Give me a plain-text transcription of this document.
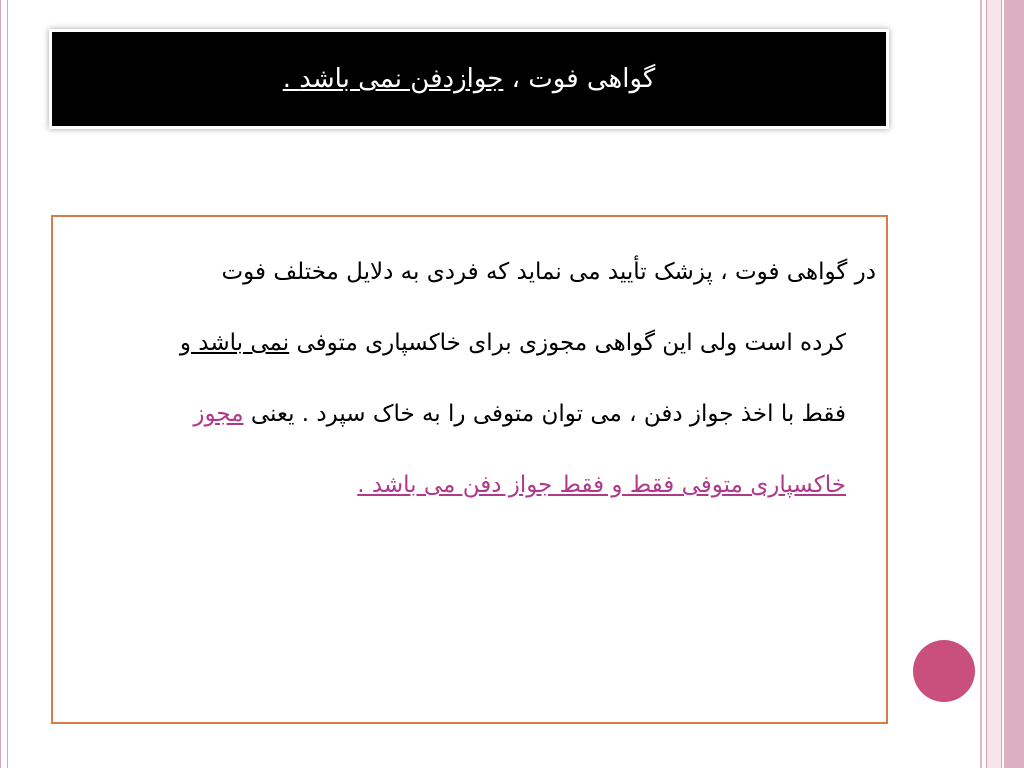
گواهی فوت ، جوازدفن نمی باشد .
در گواهی فوت ، پزشک تأیید می نماید که فردی به دلایل مختلف فوت
کرده است ولی این گواهی مجوزی برای خاکسپاری متوفی نمی باشد و
فقط با اخذ جواز دفن ، می توان متوفی را به خاک سپرد . یعنی مجوز
خاکسپاری متوفی فقط و فقط جواز دفن می باشد .
